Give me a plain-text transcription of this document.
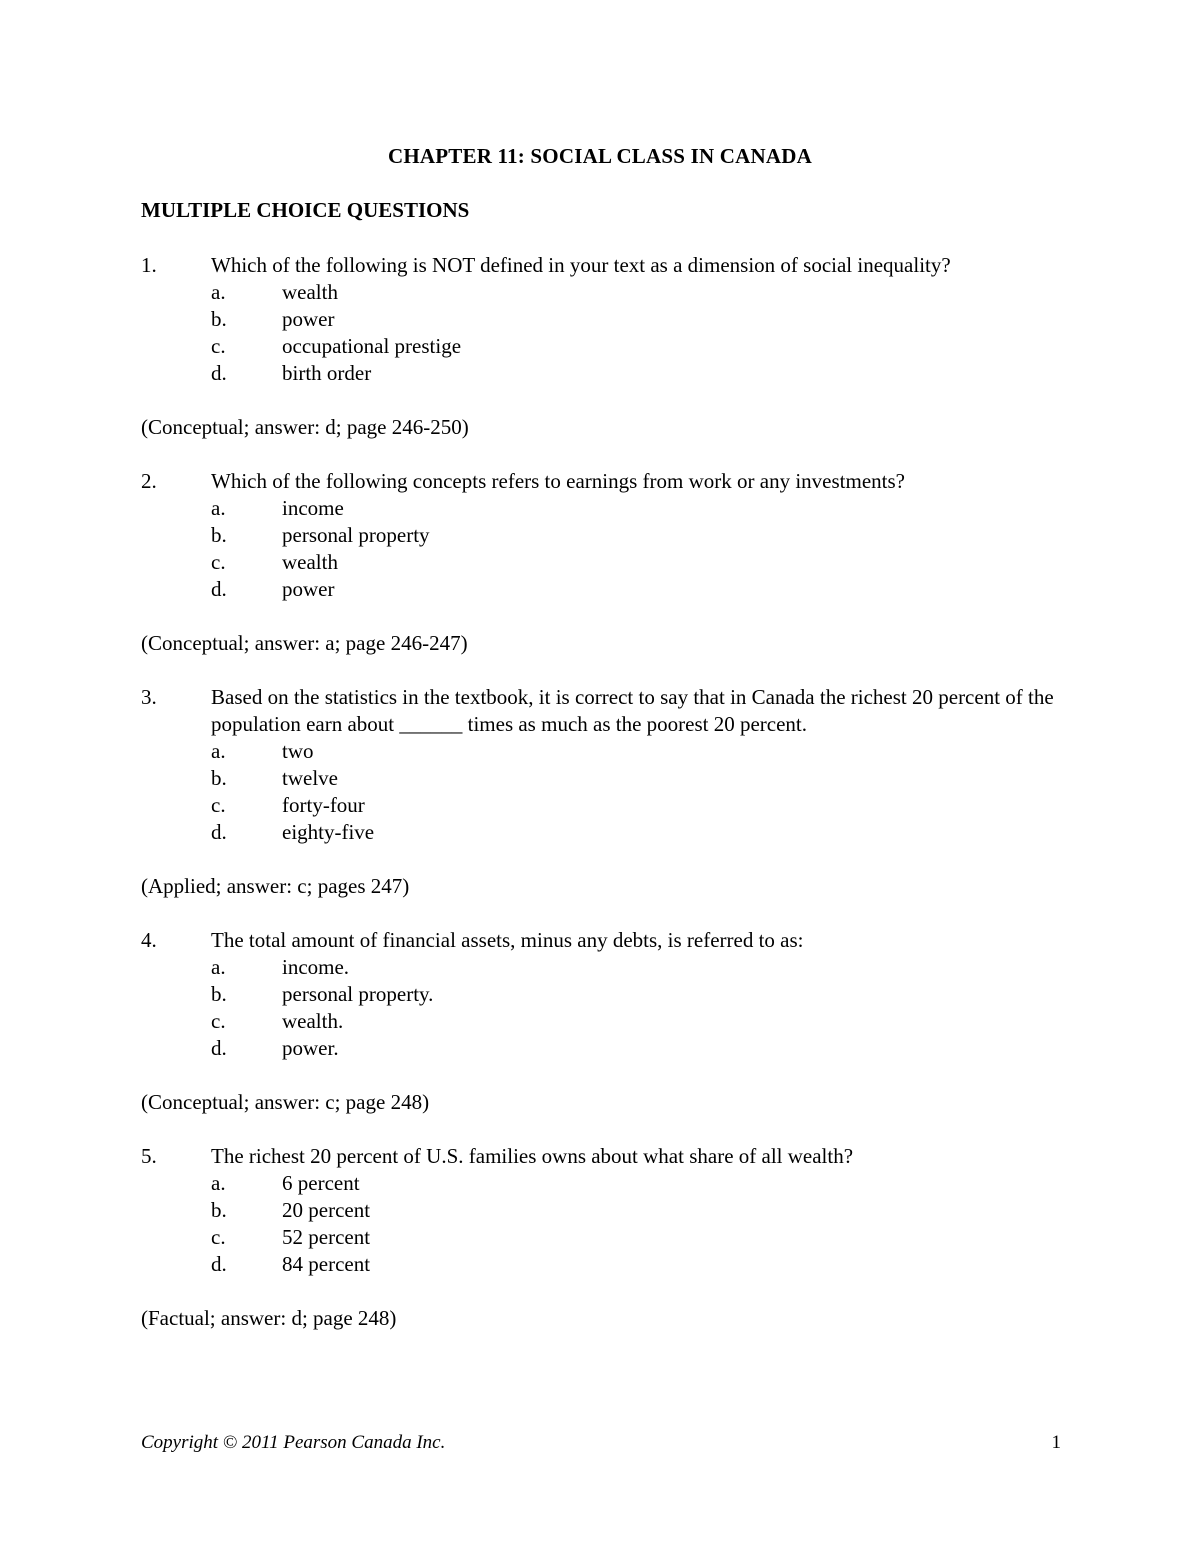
CHAPTER 11: SOCIAL CLASS IN CANADA
MULTIPLE CHOICE QUESTIONS
1.	Which of the following is NOT defined in your text as a dimension of social inequality?
a.	wealth
b.	power
c.	occupational prestige
d.	birth order
(Conceptual; answer: d; page 246-250)
2.	Which of the following concepts refers to earnings from work or any investments?
a.	income
b.	personal property
c.	wealth
d.	power
(Conceptual; answer: a; page 246-247)
3.	Based on the statistics in the textbook, it is correct to say that in Canada the richest 20 percent of the population earn about ______ times as much as the poorest 20 percent.
a.	two
b.	twelve
c.	forty-four
d.	eighty-five
(Applied; answer: c; pages 247)
4.	The total amount of financial assets, minus any debts, is referred to as:
a.	income.
b.	personal property.
c.	wealth.
d.	power.
(Conceptual; answer: c; page 248)
5.	The richest 20 percent of U.S. families owns about what share of all wealth?
a.	6 percent
b.	20 percent
c.	52 percent
d.	84 percent
(Factual; answer: d; page 248)
Copyright © 2011 Pearson Canada Inc.	1
